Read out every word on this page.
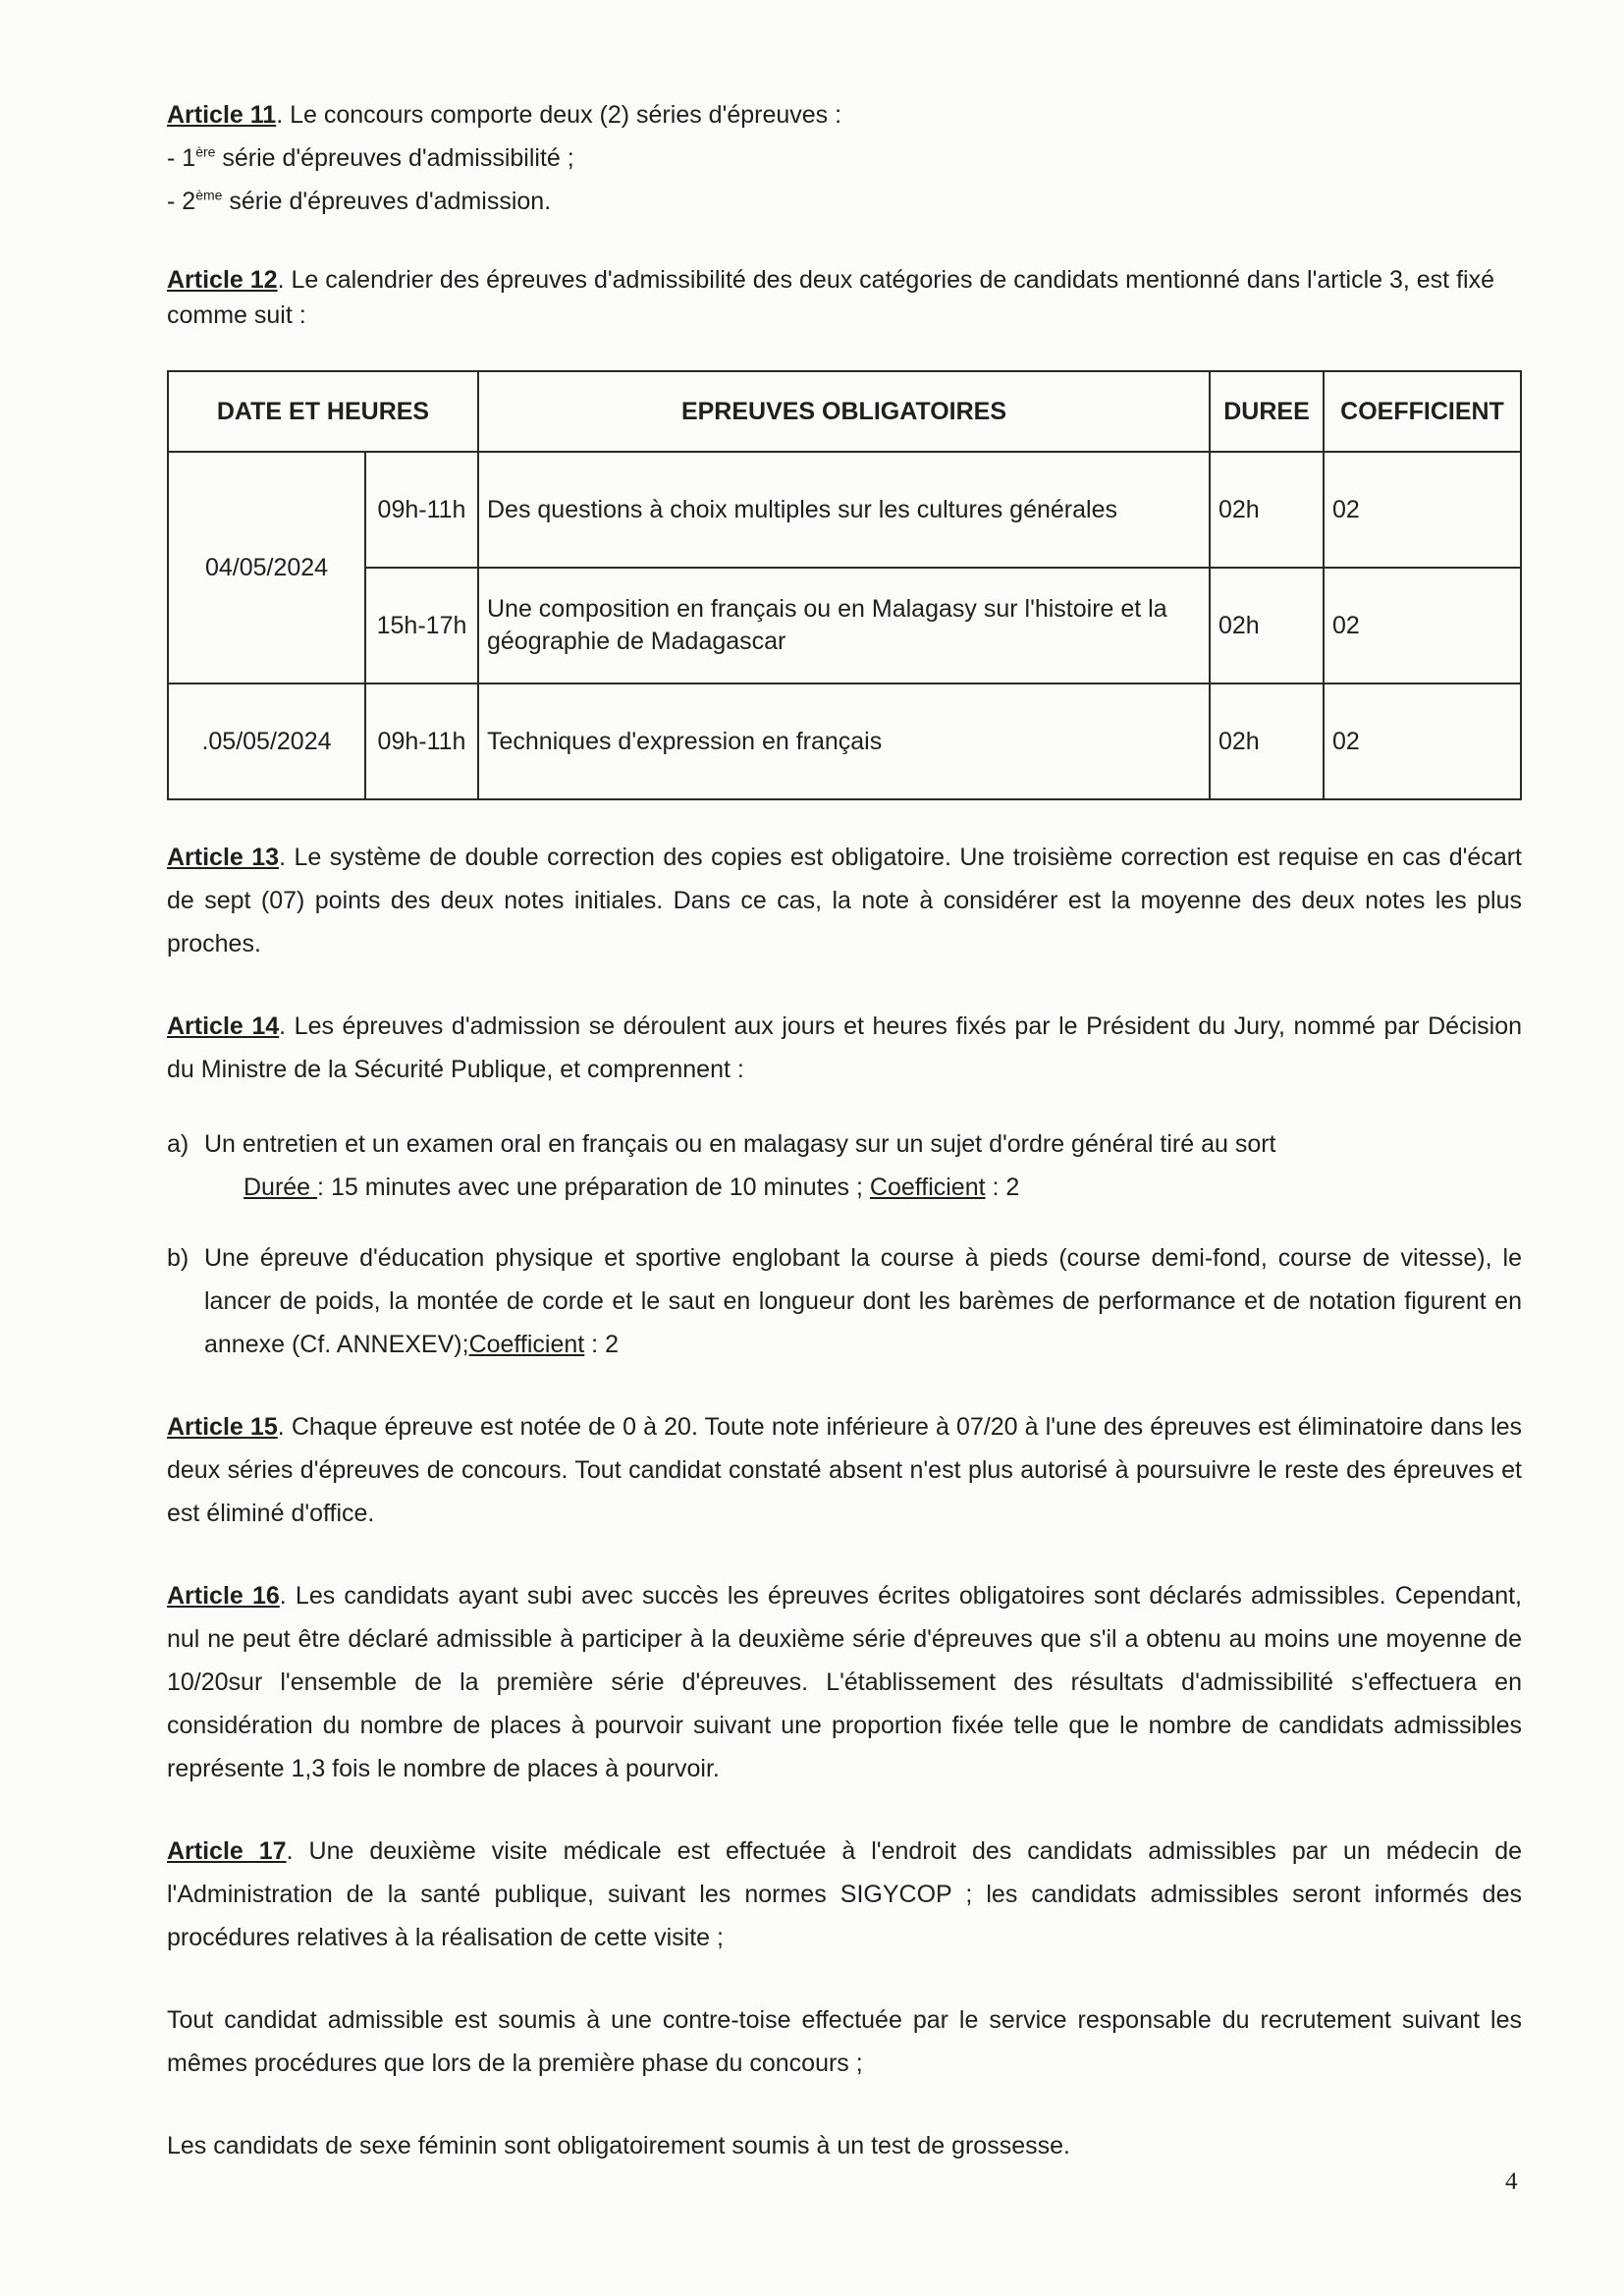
Article 11. Le concours comporte deux (2) séries d'épreuves :

- 1ère série d'épreuves d'admissibilité ;

- 2ème série d'épreuves d'admission.

Article 12. Le calendrier des épreuves d'admissibilité des deux catégories de candidats mentionné dans l'article 3, est fixé comme suit :

DATE ET HEURES		EPREUVES OBLIGATOIRES	DUREE	COEFFICIENT
04/05/2024	09h-11h	Des questions à choix multiples sur les cultures générales	02h	02
	15h-17h	Une composition en français ou en Malagasy sur l'histoire et la géographie de Madagascar	02h	02
.05/05/2024	09h-11h	Techniques d'expression en français	02h	02

Article 13. Le système de double correction des copies est obligatoire. Une troisième correction est requise en cas d'écart de sept (07) points des deux notes initiales. Dans ce cas, la note à considérer est la moyenne des deux notes les plus proches.

Article 14. Les épreuves d'admission se déroulent aux jours et heures fixés par le Président du Jury, nommé par Décision du Ministre de la Sécurité Publique, et comprennent :

a) Un entretien et un examen oral en français ou en malagasy sur un sujet d'ordre général tiré au sort

Durée : 15 minutes avec une préparation de 10 minutes ; Coefficient : 2

b) Une épreuve d'éducation physique et sportive englobant la course à pieds (course demi-fond, course de vitesse), le lancer de poids, la montée de corde et le saut en longueur dont les barèmes de performance et de notation figurent en annexe (Cf. ANNEXEV);Coefficient : 2

Article 15. Chaque épreuve est notée de 0 à 20. Toute note inférieure à 07/20 à l'une des épreuves est éliminatoire dans les deux séries d'épreuves de concours. Tout candidat constaté absent n'est plus autorisé à poursuivre le reste des épreuves et est éliminé d'office.

Article 16. Les candidats ayant subi avec succès les épreuves écrites obligatoires sont déclarés admissibles. Cependant, nul ne peut être déclaré admissible à participer à la deuxième série d'épreuves que s'il a obtenu au moins une moyenne de 10/20sur l'ensemble de la première série d'épreuves. L'établissement des résultats d'admissibilité s'effectuera en considération du nombre de places à pourvoir suivant une proportion fixée telle que le nombre de candidats admissibles représente 1,3 fois le nombre de places à pourvoir.

Article 17. Une deuxième visite médicale est effectuée à l'endroit des candidats admissibles par un médecin de l'Administration de la santé publique, suivant les normes SIGYCOP ; les candidats admissibles seront informés des procédures relatives à la réalisation de cette visite ;

Tout candidat admissible est soumis à une contre-toise effectuée par le service responsable du recrutement suivant les mêmes procédures que lors de la première phase du concours ;

Les candidats de sexe féminin sont obligatoirement soumis à un test de grossesse.

4
